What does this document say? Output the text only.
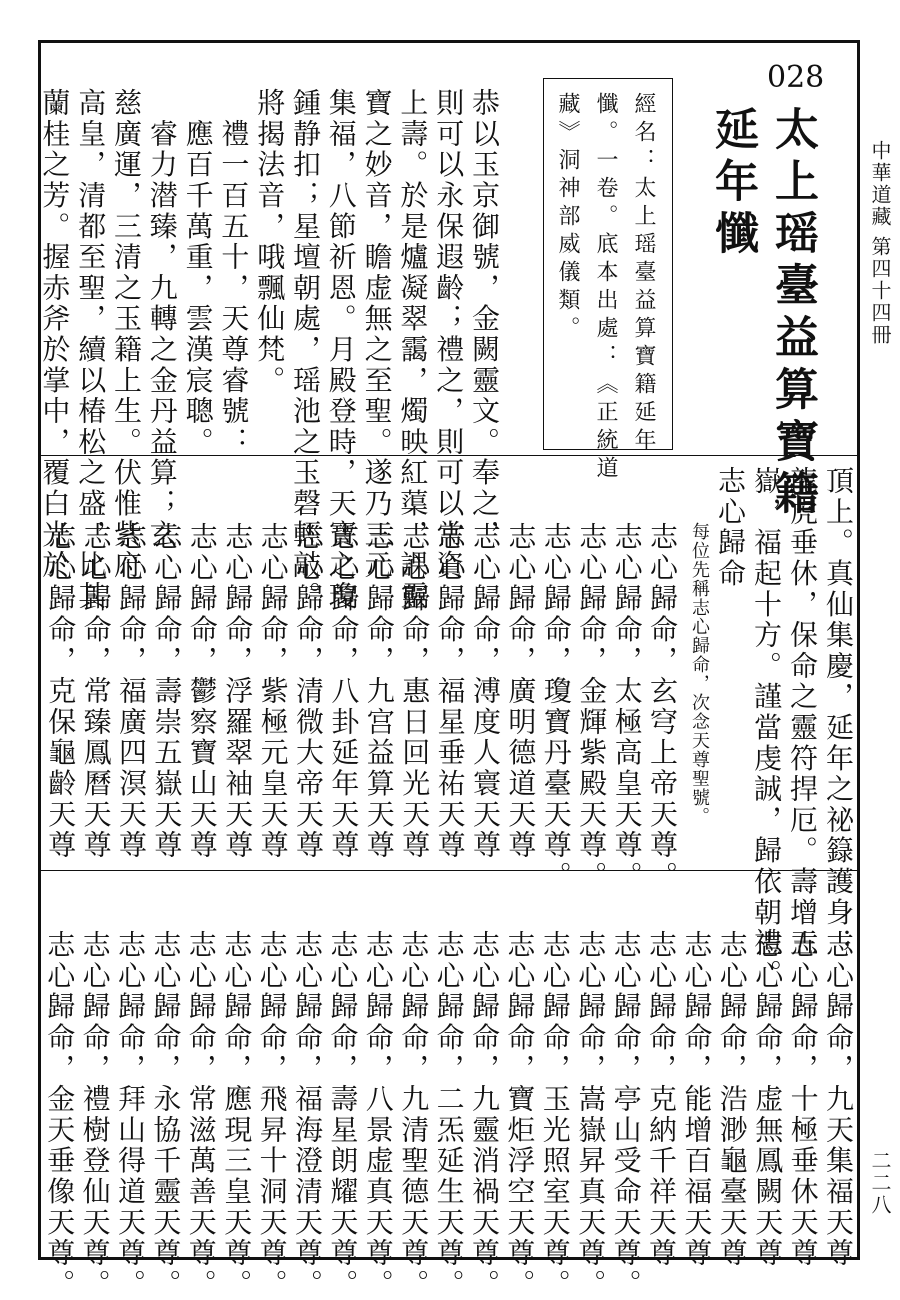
中華道藏
第四十四冊
二二八
028
太上瑶臺益算寶籍
延年懺
經名：太上瑶臺益算寶籍延年
懺。一卷。底本出處：《正統道
藏》洞神部威儀類。
恭以玉京御號，金闕靈文。奉之，
則可以永保遐齡；禮之，則可以常資
上壽。於是爐凝翠靄，燭映紅蕖，課靈
寶之妙音，瞻虚無之至聖。遂乃三元
集福，八節祈恩。月殿登時，天寶之瓊
鍾静扣；星壇朝處，瑶池之玉磬輕敲。
將揭法音，哦飄仙梵。
　禮一百五十，天尊睿號：
　應百千萬重，雲漢宸聰。
　睿力潜臻，九轉之金丹益算；玄
慈廣運，三清之玉籍上生。伏惟紫府
高皇，清都至聖，續以椿松之盛，比其
蘭桂之芳。握赤斧於掌中，覆白光於
頂上。真仙集慶，延年之祕籙護身；
龍虎垂休，保命之靈符捍厄。壽增五
嶽，福起十方。謹當虔誠，歸依朝禮。
志心歸命
每位先稱志心歸命，次念天尊聖號。
志心歸命，玄穹上帝天尊。
志心歸命，太極高皇天尊。
志心歸命，金輝紫殿天尊。
志心歸命，瓊寶丹臺天尊。
志心歸命，廣明德道天尊
志心歸命，溥度人寰天尊
志心歸命，福星垂祐天尊
志心歸命，惠日回光天尊
志心歸命，九宫益算天尊
志心歸命，八卦延年天尊
志心歸命，清微大帝天尊
志心歸命，紫極元皇天尊
志心歸命，浮羅翠袖天尊
志心歸命，鬱察寶山天尊
志心歸命，壽崇五嶽天尊
志心歸命，福廣四溟天尊
志心歸命，常臻鳳曆天尊
志心歸命，克保龜齡天尊
志心歸命，九天集福天尊
志心歸命，十極垂休天尊
志心歸命，虚無鳳闕天尊
志心歸命，浩渺龜臺天尊
志心歸命，能增百福天尊
志心歸命，克納千祥天尊
志心歸命，亭山受命天尊。
志心歸命，嵩嶽昇真天尊。
志心歸命，玉光照室天尊。
志心歸命，寶炬浮空天尊。
志心歸命，九靈消禍天尊。
志心歸命，二炁延生天尊。
志心歸命，九清聖德天尊。
志心歸命，八景虚真天尊。
志心歸命，壽星朗耀天尊。
志心歸命，福海澄清天尊。
志心歸命，飛昇十洞天尊。
志心歸命，應現三皇天尊。
志心歸命，常滋萬善天尊。
志心歸命，永協千靈天尊。
志心歸命，拜山得道天尊。
志心歸命，禮樹登仙天尊。
志心歸命，金天垂像天尊。
